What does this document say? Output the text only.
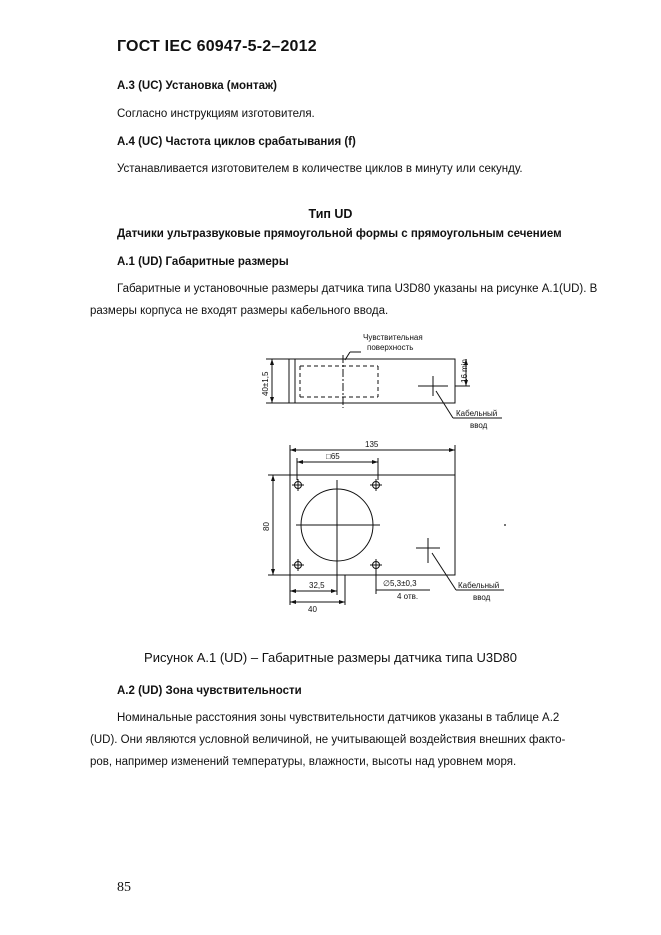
ГОСТ IEC 60947-5-2–2012
А.3 (UC) Установка (монтаж)
Согласно инструкциям изготовителя.
А.4 (UC) Частота циклов срабатывания (f)
Устанавливается изготовителем в количестве циклов в минуту или секунду.
Тип UD
Датчики ультразвуковые прямоугольной формы с прямоугольным сечением
А.1 (UD) Габаритные размеры
Габаритные и установочные размеры датчика типа U3D80 указаны на рисунке А.1(UD). В
размеры корпуса не входят размеры кабельного ввода.
Чувствительная
поверхность
40±1,5
16 min
Кабельный
ввод
135
□65
80
32,5
40
∅5,3±0,3
4 отв.
Кабельный
ввод
Рисунок А.1 (UD) – Габаритные размеры датчика типа U3D80
А.2 (UD) Зона чувствительности
Номинальные расстояния зоны чувствительности датчиков указаны в таблице А.2
(UD). Они являются условной величиной, не учитывающей воздействия внешних факто-
ров, например изменений температуры, влажности, высоты над уровнем моря.
85
